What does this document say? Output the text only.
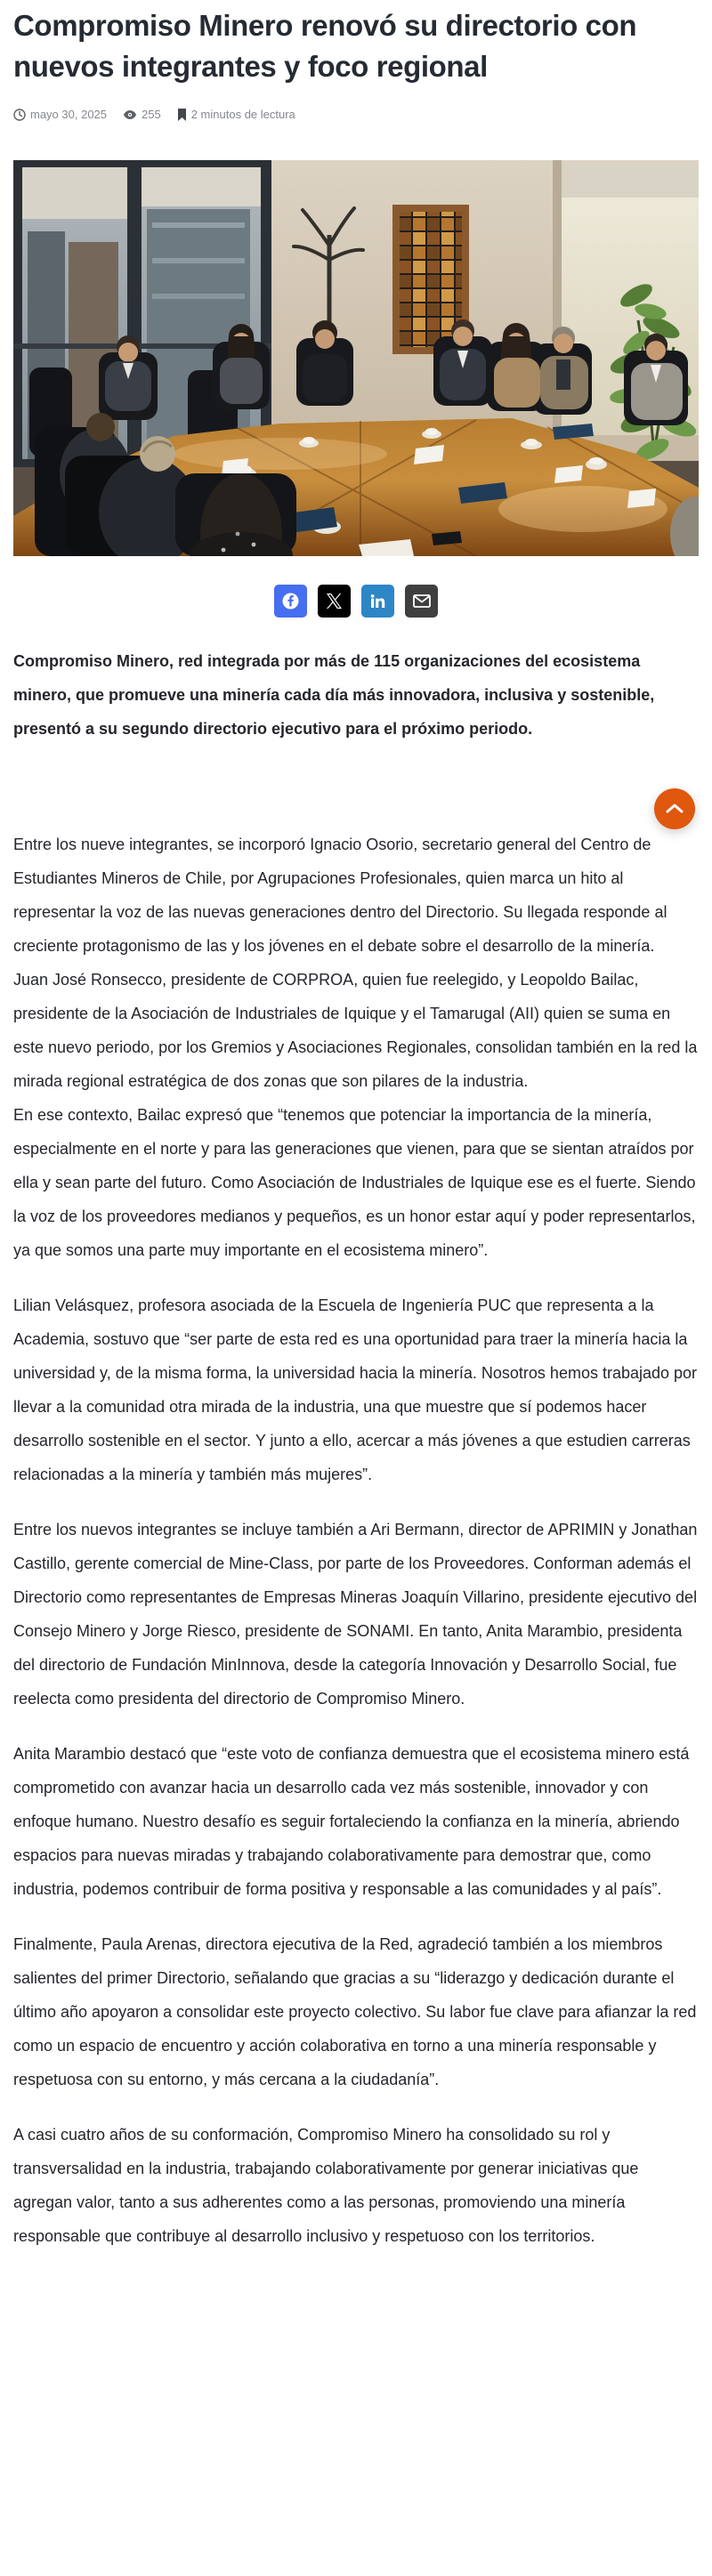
Compromiso Minero renovó su directorio con nuevos integrantes y foco regional
mayo 30, 2025	255	2 minutos de lectura

Compromiso Minero, red integrada por más de 115 organizaciones del ecosistema minero, que promueve una minería cada día más innovadora, inclusiva y sostenible, presentó a su segundo directorio ejecutivo para el próximo periodo.

Entre los nueve integrantes, se incorporó Ignacio Osorio, secretario general del Centro de Estudiantes Mineros de Chile, por Agrupaciones Profesionales, quien marca un hito al representar la voz de las nuevas generaciones dentro del Directorio. Su llegada responde al creciente protagonismo de las y los jóvenes en el debate sobre el desarrollo de la minería.

Juan José Ronsecco, presidente de CORPROA, quien fue reelegido, y Leopoldo Bailac, presidente de la Asociación de Industriales de Iquique y el Tamarugal (AII) quien se suma en este nuevo periodo, por los Gremios y Asociaciones Regionales, consolidan también en la red la mirada regional estratégica de dos zonas que son pilares de la industria.

En ese contexto, Bailac expresó que “tenemos que potenciar la importancia de la minería, especialmente en el norte y para las generaciones que vienen, para que se sientan atraídos por ella y sean parte del futuro. Como Asociación de Industriales de Iquique ese es el fuerte. Siendo la voz de los proveedores medianos y pequeños, es un honor estar aquí y poder representarlos, ya que somos una parte muy importante en el ecosistema minero”.

Lilian Velásquez, profesora asociada de la Escuela de Ingeniería PUC que representa a la Academia, sostuvo que “ser parte de esta red es una oportunidad para traer la minería hacia la universidad y, de la misma forma, la universidad hacia la minería. Nosotros hemos trabajado por llevar a la comunidad otra mirada de la industria, una que muestre que sí podemos hacer desarrollo sostenible en el sector. Y junto a ello, acercar a más jóvenes a que estudien carreras relacionadas a la minería y también más mujeres”.

Entre los nuevos integrantes se incluye también a Ari Bermann, director de APRIMIN y Jonathan Castillo, gerente comercial de Mine-Class, por parte de los Proveedores. Conforman además el Directorio como representantes de Empresas Mineras Joaquín Villarino, presidente ejecutivo del Consejo Minero y Jorge Riesco, presidente de SONAMI. En tanto, Anita Marambio, presidenta del directorio de Fundación MinInnova, desde la categoría Innovación y Desarrollo Social, fue reelecta como presidenta del directorio de Compromiso Minero.

Anita Marambio destacó que “este voto de confianza demuestra que el ecosistema minero está comprometido con avanzar hacia un desarrollo cada vez más sostenible, innovador y con enfoque humano. Nuestro desafío es seguir fortaleciendo la confianza en la minería, abriendo espacios para nuevas miradas y trabajando colaborativamente para demostrar que, como industria, podemos contribuir de forma positiva y responsable a las comunidades y al país”.

Finalmente, Paula Arenas, directora ejecutiva de la Red, agradeció también a los miembros salientes del primer Directorio, señalando que gracias a su “liderazgo y dedicación durante el último año apoyaron a consolidar este proyecto colectivo. Su labor fue clave para afianzar la red como un espacio de encuentro y acción colaborativa en torno a una minería responsable y respetuosa con su entorno, y más cercana a la ciudadanía”.

A casi cuatro años de su conformación, Compromiso Minero ha consolidado su rol y transversalidad en la industria, trabajando colaborativamente por generar iniciativas que agregan valor, tanto a sus adherentes como a las personas, promoviendo una minería responsable que contribuye al desarrollo inclusivo y respetuoso con los territorios.
